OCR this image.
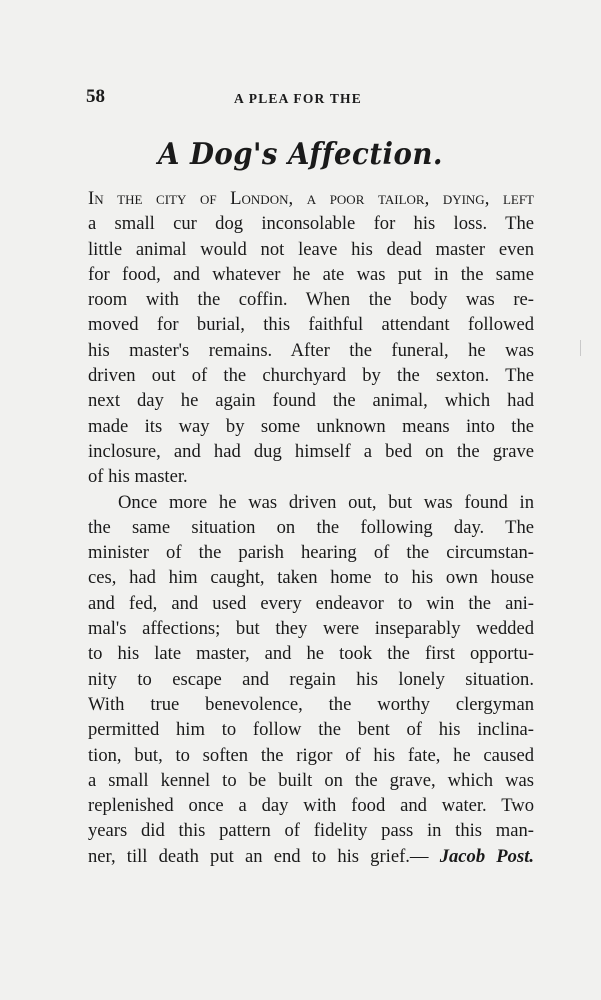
58	A PLEA FOR THE
A Dog's Affection.
In the city of London, a poor tailor, dying, left
a small cur dog inconsolable for his loss. The
little animal would not leave his dead master even
for food, and whatever he ate was put in the same
room with the coffin. When the body was re-
moved for burial, this faithful attendant followed
his master's remains. After the funeral, he was
driven out of the churchyard by the sexton. The
next day he again found the animal, which had
made its way by some unknown means into the
inclosure, and had dug himself a bed on the grave
of his master.
Once more he was driven out, but was found in
the same situation on the following day. The
minister of the parish hearing of the circumstan-
ces, had him caught, taken home to his own house
and fed, and used every endeavor to win the ani-
mal's affections; but they were inseparably wedded
to his late master, and he took the first opportu-
nity to escape and regain his lonely situation.
With true benevolence, the worthy clergyman
permitted him to follow the bent of his inclina-
tion, but, to soften the rigor of his fate, he caused
a small kennel to be built on the grave, which was
replenished once a day with food and water. Two
years did this pattern of fidelity pass in this man-
ner, till death put an end to his grief.— Jacob Post.
